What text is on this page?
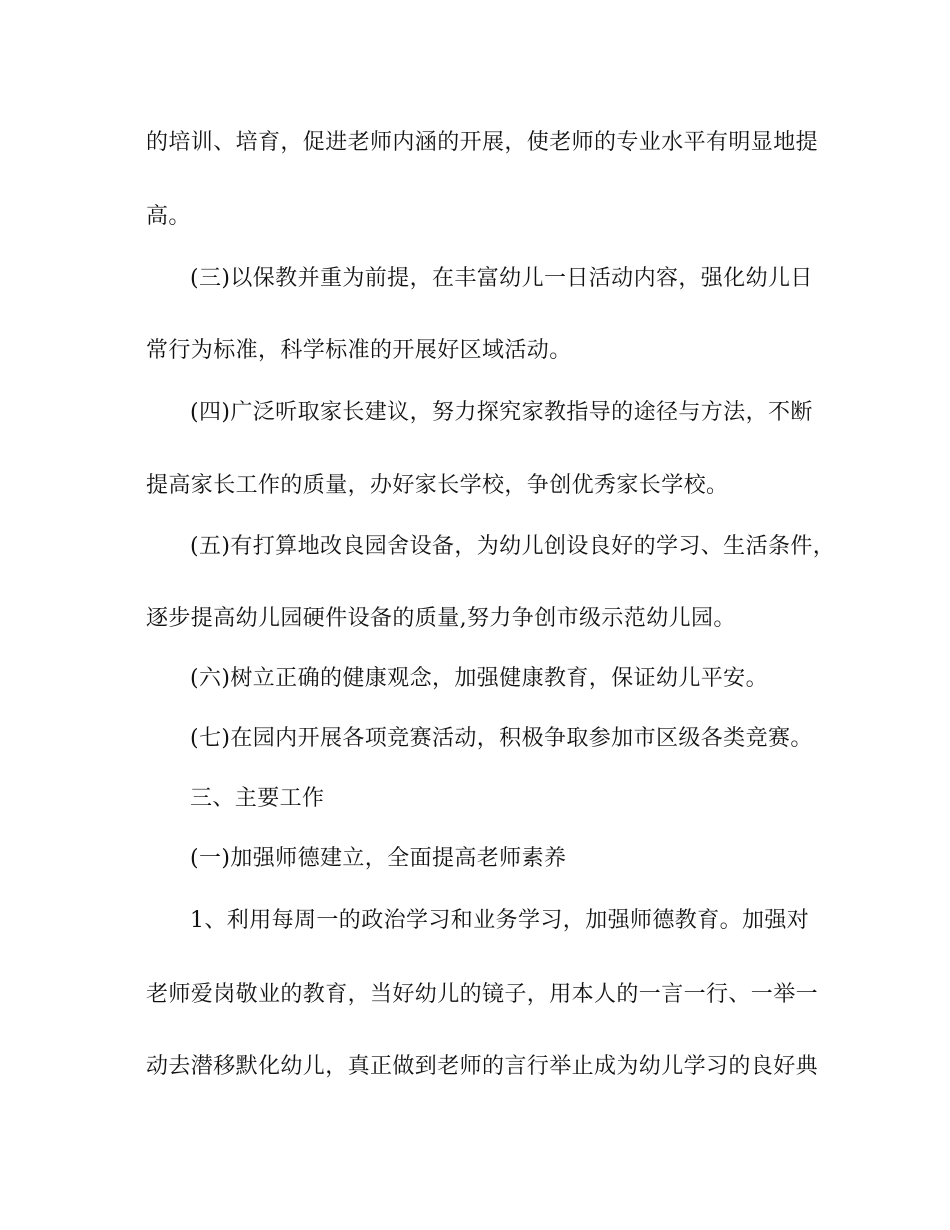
的培训、培育，促进老师内涵的开展，使老师的专业水平有明显地提
高。
(三)以保教并重为前提，在丰富幼儿一日活动内容，强化幼儿日
常行为标准，科学标准的开展好区域活动。
(四)广泛听取家长建议，努力探究家教指导的途径与方法，不断
提高家长工作的质量，办好家长学校，争创优秀家长学校。
(五)有打算地改良园舍设备，为幼儿创设良好的学习、生活条件，
逐步提高幼儿园硬件设备的质量,努力争创市级示范幼儿园。
(六)树立正确的健康观念，加强健康教育，保证幼儿平安。
(七)在园内开展各项竞赛活动，积极争取参加市区级各类竞赛。
三、主要工作
(一)加强师德建立，全面提高老师素养
1、利用每周一的政治学习和业务学习，加强师德教育。加强对
老师爱岗敬业的教育，当好幼儿的镜子，用本人的一言一行、一举一
动去潜移默化幼儿，真正做到老师的言行举止成为幼儿学习的良好典
